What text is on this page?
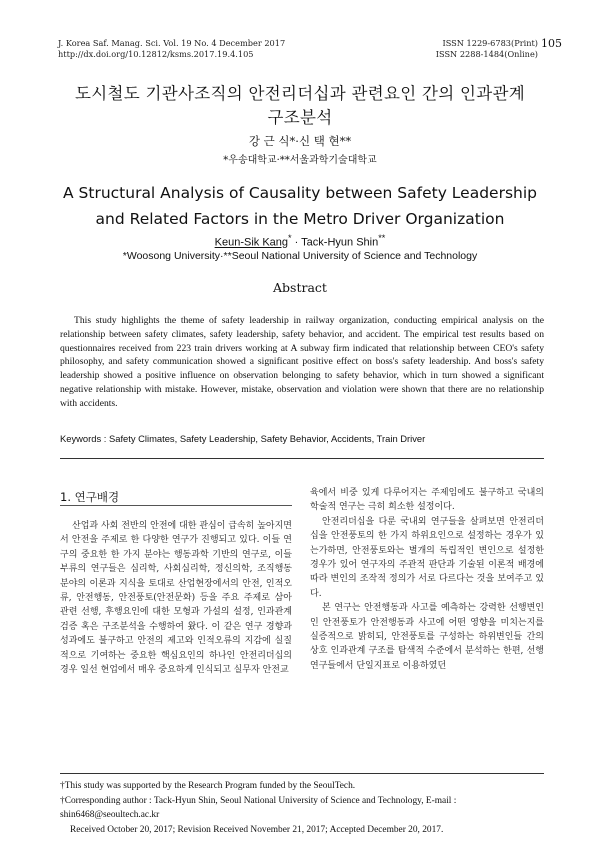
J. Korea Saf. Manag. Sci. Vol. 19 No. 4 December 2017
http://dx.doi.org/10.12812/ksms.2017.19.4.105
ISSN 1229-6783(Print)
ISSN 2288-1484(Online)
105
도시철도 기관사조직의 안전리더십과 관련요인 간의 인과관계
구조분석
강 근 식*·신 택 현**
*우송대학교·**서울과학기술대학교
A Structural Analysis of Causality between Safety Leadership
and Related Factors in the Metro Driver Organization
Keun-Sik Kang* · Tack-Hyun Shin**
*Woosong University·**Seoul National University of Science and Technology
Abstract
This study highlights the theme of safety leadership in railway organization, conducting empirical analysis on the relationship between safety climates, safety leadership, safety behavior, and accident. The empirical test results based on questionnaires received from 223 train drivers working at A subway firm indicated that relationship between CEO's safety philosophy, and safety communication showed a significant positive effect on boss's safety leadership. And boss's safety leadership showed a positive influence on observation belonging to safety behavior, which in turn showed a significant negative relationship with mistake. However, mistake, observation and violation were shown that there are no relationship with accidents.
Keywords : Safety Climates, Safety Leadership, Safety Behavior, Accidents, Train Driver
1. 연구배경

산업과 사회 전반의 안전에 대한 관심이 급속히 높아지면서 안전을 주제로 한 다양한 연구가 진행되고 있다. 이들 연구의 중요한 한 가지 분야는 행동과학 기반의 연구로, 이들 부류의 연구들은 심리학, 사회심리학, 정신의학, 조직행동 분야의 이론과 지식을 토대로 산업현장에서의 안전, 인적오류, 안전행동, 안전풍토(안전문화) 등을 주요 주제로 삼아 관련 선행, 후행요인에 대한 모형과 가설의 설정, 인과관계 검증 혹은 구조분석을 수행하여 왔다. 이 같은 연구 경향과 성과에도 불구하고 안전의 제고와 인적오류의 지감에 실질적으로 기여하는 중요한 핵심요인의 하나인 안전리더십의 경우 일선 현업에서 매우 중요하게 인식되고 실무자 안전교

육에서 비중 있게 다루어지는 주제임에도 불구하고 국내의 학술적 연구는 극히 희소한 설정이다.

안전리더십을 다룬 국내외 연구들을 살펴보면 안전리더십을 안전풍토의 한 가지 하위요인으로 설정하는 경우가 있는가하면, 안전풍토와는 별개의 독립적인 변인으로 설정한 경우가 있어 연구자의 주관적 판단과 기술된 이론적 배경에 따라 변인의 조작적 정의가 서로 다르다는 것을 보여주고 있다.

본 연구는 안전행동과 사고를 예측하는 강력한 선행변인인 안전풍토가 안전행동과 사고에 어떤 영향을 미치는지를 실증적으로 밝히되, 안전풍토를 구성하는 하위변인들 간의 상호 인과관계 구조를 탐색적 수준에서 분석하는 한편, 선행연구들에서 단일지표로 이용하였던

†This study was supported by the Research Program funded by the SeoulTech.

†Corresponding author : Tack-Hyun Shin, Seoul National University of Science and Technology, E-mail : shin6468@seoultech.ac.kr

Received October 20, 2017; Revision Received November 21, 2017; Accepted December 20, 2017.
